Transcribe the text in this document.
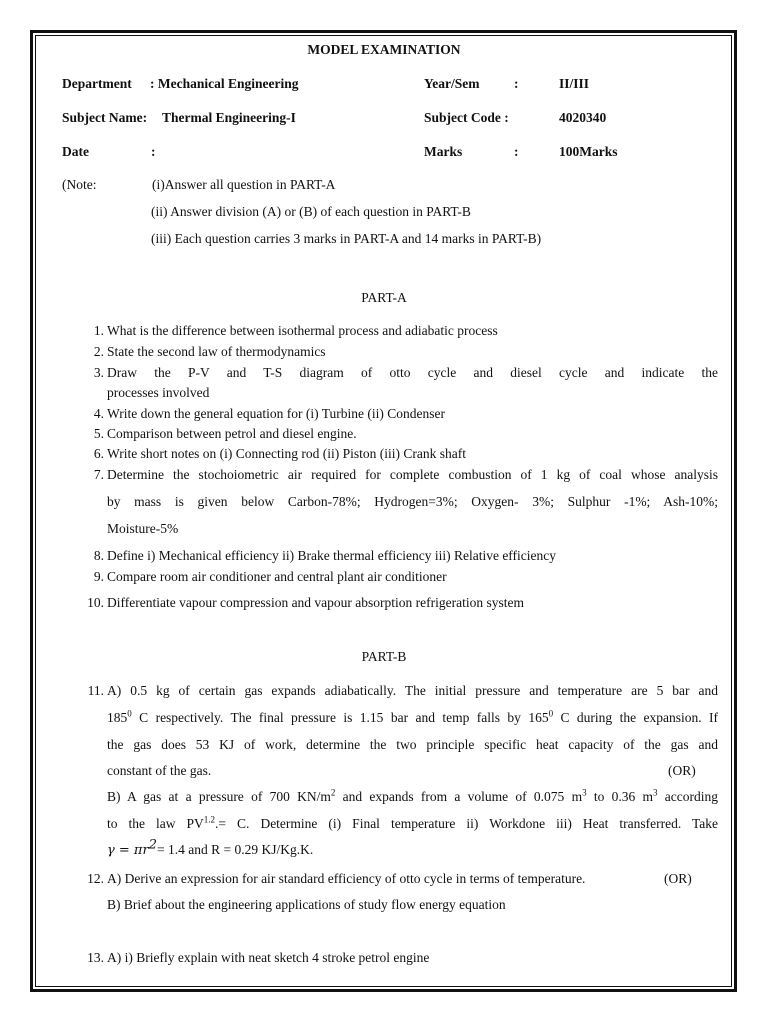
MODEL EXAMINATION
Department : Mechanical Engineering	Year/Sem	:	II/III
Subject Name: Thermal Engineering-I	Subject Code :	4020340
Date	:	Marks	:	100Marks
(Note:	(i)Answer all question in PART-A
(ii) Answer division (A) or (B) of each question in PART-B
(iii) Each question carries 3 marks in PART-A and 14 marks in PART-B)
PART-A
1. What is the difference between isothermal process and adiabatic process
2. State the second law of thermodynamics
3. Draw the P-V and T-S diagram of otto cycle and diesel cycle and indicate the
processes involved
4. Write down the general equation for (i) Turbine (ii) Condenser
5. Comparison between petrol and diesel engine.
6. Write short notes on (i) Connecting rod (ii) Piston (iii) Crank shaft
7. Determine the stochoiometric air required for complete combustion of 1 kg of coal whose analysis
by mass is given below Carbon-78%; Hydrogen=3%; Oxygen- 3%; Sulphur -1%; Ash-10%;
Moisture-5%
8. Define i) Mechanical efficiency ii) Brake thermal efficiency iii) Relative efficiency
9. Compare room air conditioner and central plant air conditioner
10. Differentiate vapour compression and vapour absorption refrigeration system
PART-B
11. A) 0.5 kg of certain gas expands adiabatically. The initial pressure and temperature are 5 bar and
$185^0$ C respectively. The final pressure is 1.15 bar and temp falls by $165^0$ C during the expansion. If
the gas does 53 KJ of work, determine the two principle specific heat capacity of the gas and
constant of the gas.	(OR)
B) A gas at a pressure of 700 $KN/m^2$ and expands from a volume of 0.075 $m^3$ to 0.36 $m^3$ according
to the law $PV^{1.2}.= C$. Determine (i) Final temperature ii) Workdone iii) Heat transferred. Take
$\gamma = \pi r^2= 1.4$ and R = 0.29 KJ/Kg.K.
12. A) Derive an expression for air standard efficiency of otto cycle in terms of temperature.	(OR)
B) Brief about the engineering applications of study flow energy equation
13. A) i) Briefly explain with neat sketch 4 stroke petrol engine
